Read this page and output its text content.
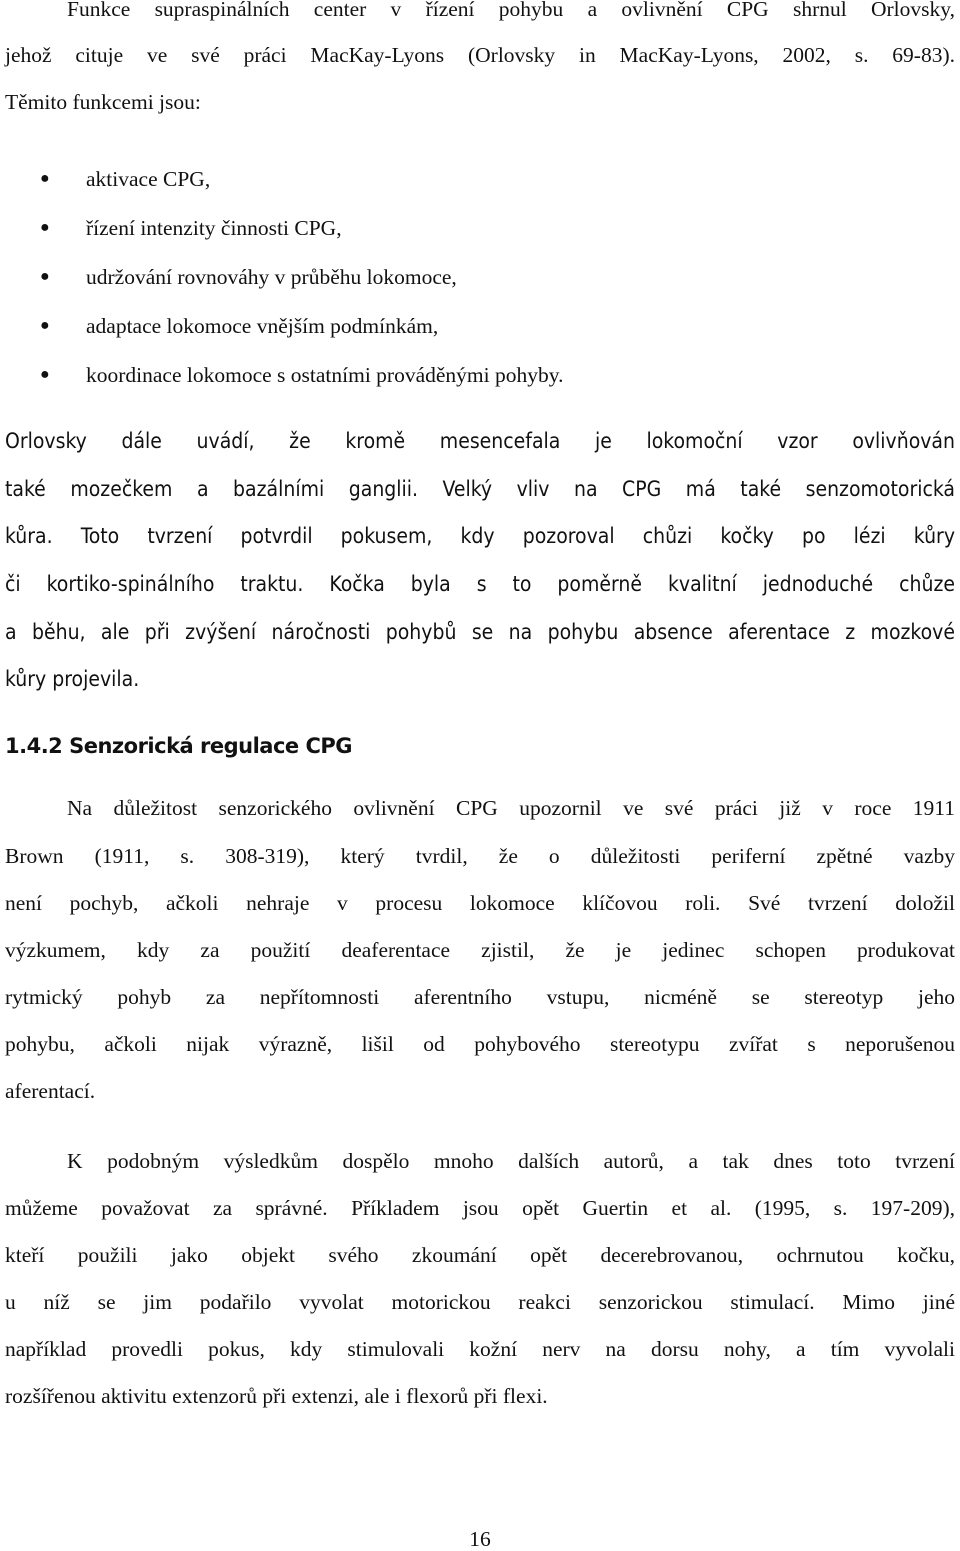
Funkce supraspinálních center v řízení pohybu a ovlivnění CPG shrnul Orlovsky,
jehož cituje ve své práci MacKay-Lyons (Orlovsky in MacKay-Lyons, 2002, s. 69-83).
Těmito funkcemi jsou:
● aktivace CPG,
● řízení intenzity činnosti CPG,
● udržování rovnováhy v průběhu lokomoce,
● adaptace lokomoce vnějším podmínkám,
● koordinace lokomoce s ostatními prováděnými pohyby.
Orlovsky dále uvádí, že kromě mesencefala je lokomoční vzor ovlivňován
také mozečkem a bazálními ganglii. Velký vliv na CPG má také senzomotorická
kůra. Toto tvrzení potvrdil pokusem, kdy pozoroval chůzi kočky po lézi kůry
či kortiko-spinálního traktu. Kočka byla s to poměrně kvalitní jednoduché chůze
a běhu, ale při zvýšení náročnosti pohybů se na pohybu absence aferentace z mozkové
kůry projevila.
1.4.2 Senzorická regulace CPG
Na důležitost senzorického ovlivnění CPG upozornil ve své práci již v roce 1911
Brown (1911, s. 308-319), který tvrdil, že o důležitosti periferní zpětné vazby
není pochyb, ačkoli nehraje v procesu lokomoce klíčovou roli. Své tvrzení doložil
výzkumem, kdy za použití deaferentace zjistil, že je jedinec schopen produkovat
rytmický pohyb za nepřítomnosti aferentního vstupu, nicméně se stereotyp jeho
pohybu, ačkoli nijak výrazně, lišil od pohybového stereotypu zvířat s neporušenou
aferentací.
K podobným výsledkům dospělo mnoho dalších autorů, a tak dnes toto tvrzení
můžeme považovat za správné. Příkladem jsou opět Guertin et al. (1995, s. 197-209),
kteří použili jako objekt svého zkoumání opět decerebrovanou, ochrnutou kočku,
u níž se jim podařilo vyvolat motorickou reakci senzorickou stimulací. Mimo jiné
například provedli pokus, kdy stimulovali kožní nerv na dorsu nohy, a tím vyvolali
rozšířenou aktivitu extenzorů při extenzi, ale i flexorů při flexi.
16
